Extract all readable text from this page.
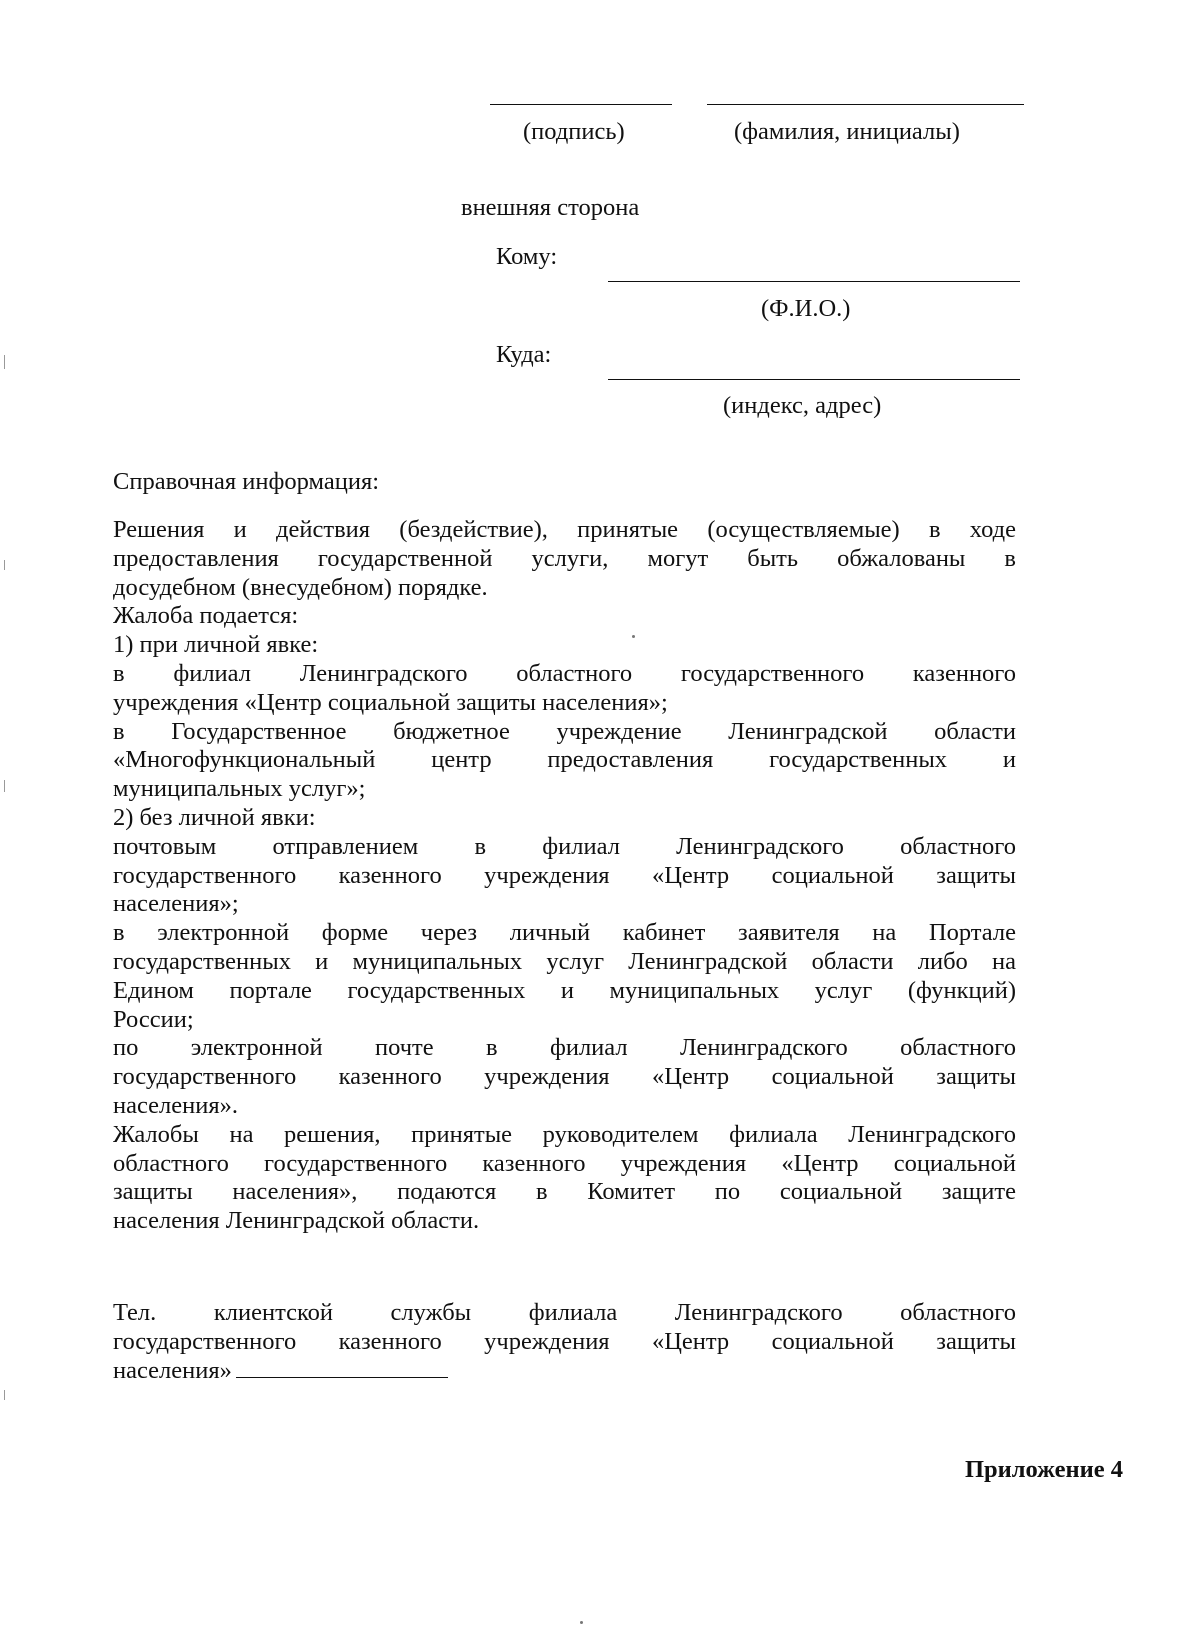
(подпись)	(фамилия, инициалы)
внешняя сторона
Кому:
(Ф.И.О.)
Куда:
(индекс, адрес)
Справочная информация:

Решения и действия (бездействие), принятые (осуществляемые) в ходе

предоставления государственной услуги, могут быть обжалованы в

досудебном (внесудебном) порядке.

Жалоба подается:

1) при личной явке:

в филиал Ленинградского областного государственного казенного

учреждения «Центр социальной защиты населения»;

в Государственное бюджетное учреждение Ленинградской области

«Многофункциональный центр предоставления государственных и

муниципальных услуг»;

2) без личной явки:

почтовым отправлением в филиал Ленинградского областного

государственного казенного учреждения «Центр социальной защиты

населения»;

в электронной форме через личный кабинет заявителя на Портале

государственных и муниципальных услуг Ленинградской области либо на

Едином портале государственных и муниципальных услуг (функций)

России;

по электронной почте в филиал Ленинградского областного

государственного казенного учреждения «Центр социальной защиты

населения».

Жалобы на решения, принятые руководителем филиала Ленинградского

областного государственного казенного учреждения «Центр социальной

защиты населения», подаются в Комитет по социальной защите

населения Ленинградской области.

Тел. клиентской службы филиала Ленинградского областного

государственного казенного учреждения «Центр социальной защиты

населения»

Приложение 4
